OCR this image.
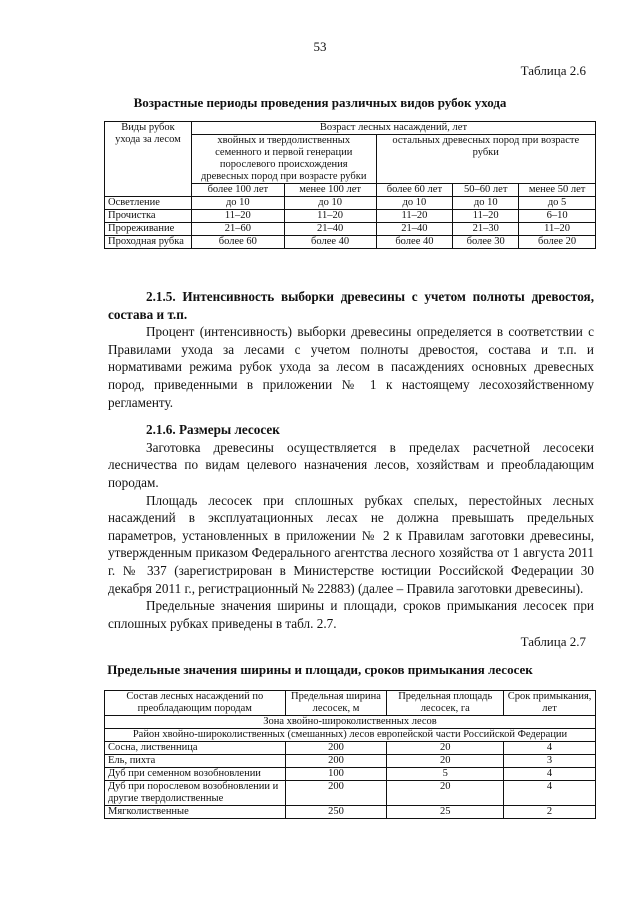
53
Таблица 2.6
Возрастные периоды проведения различных видов рубок ухода
Виды рубок ухода за лесом	Возраст лесных насаждений, лет				
	хвойных и твердолиственных семенного и первой генерации порослевого происхождения древесных пород при возрасте рубки		остальных древесных пород при возрасте рубки		
	более 100 лет	менее 100 лет	более 60 лет	50–60 лет	менее 50 лет
Осветление	до 10	до 10	до 10	до 10	до 5
Прочистка	11–20	11–20	11–20	11–20	6–10
Прореживание	21–60	21–40	21–40	21–30	11–20
Проходная рубка	более 60	более 40	более 40	более 30	более 20

2.1.5. Интенсивность выборки древесины с учетом полноты древостоя, состава и т.п.

Процент (интенсивность) выборки древесины определяется в соответствии с Правилами ухода за лесами с учетом полноты древостоя, состава и т.п. и нормативами режима рубок ухода за лесом в пасаждениях основных древесных пород, приведенными в приложении № 1 к настоящему лесохозяйственному регламенту.

2.1.6. Размеры лесосек

Заготовка древесины осуществляется в пределах расчетной лесосеки лесничества по видам целевого назначения лесов, хозяйствам и преобладающим породам.

Площадь лесосек при сплошных рубках спелых, перестойных лесных насаждений в эксплуатационных лесах не должна превышать предельных параметров, установленных в приложении № 2 к Правилам заготовки древесины, утвержденным приказом Федерального агентства лесного хозяйства от 1 августа 2011 г. № 337 (зарегистрирован в Министерстве юстиции Российской Федерации 30 декабря 2011 г., регистрационный № 22883) (далее – Правила заготовки древесины).

Предельные значения ширины и площади, сроков примыкания лесосек при сплошных рубках приведены в табл. 2.7.

Таблица 2.7
Предельные значения ширины и площади, сроков примыкания лесосек
Состав лесных насаждений по преобладающим породам	Предельная ширина лесосек, м	Предельная площадь лесосек, га	Срок примыкания, лет
Зона хвойно-широколиственных лесов			
Район хвойно-широколиственных (смешанных) лесов европейской части Российской Федерации			
Сосна, лиственница	200	20	4
Ель, пихта	200	20	3
Дуб при семенном возобновлении	100	5	4
Дуб при порослевом возобновлении и другие твердолиственные	200	20	4
Мягколиственные	250	25	2
